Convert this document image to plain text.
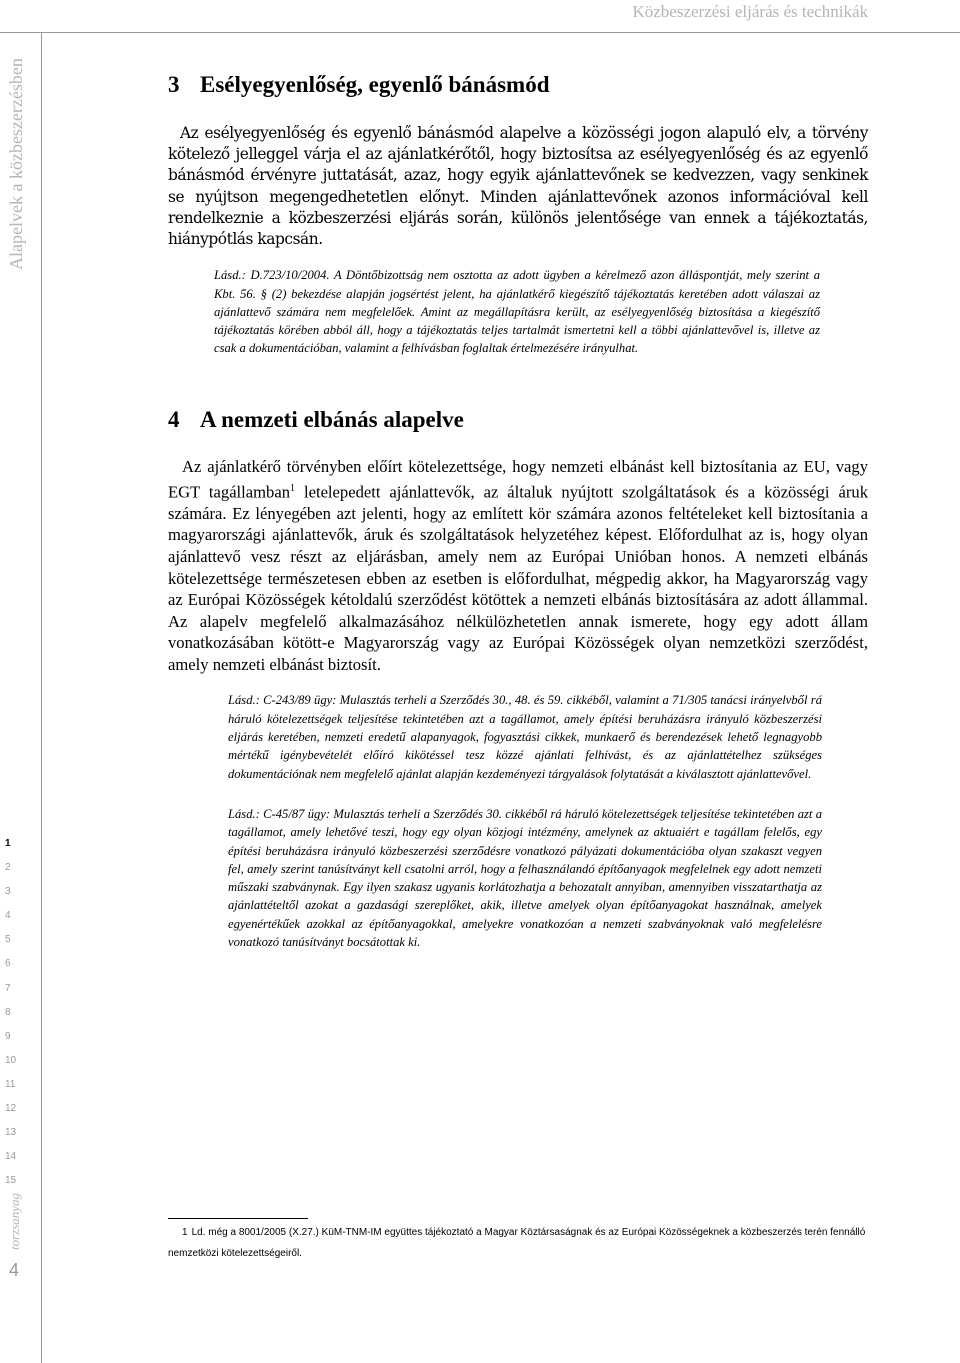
Közbeszerzési eljárás és technikák
Alapelvek a közbeszerzésben
1
2
3
4
5
6
7
8
9
10
11
12
13
14
15
torzsanyag
4
3 Esélyegyenlőség, egyenlő bánásmód

Az esélyegyenlőség és egyenlő bánásmód alapelve a közösségi jogon alapuló elv, a törvény kötelező jelleggel várja el az ajánlatkérőtől, hogy biztosítsa az esélyegyenlőség és az egyenlő bánásmód érvényre juttatását, azaz, hogy egyik ajánlattevőnek se kedvezzen, vagy senkinek se nyújtson megengedhetetlen előnyt. Minden ajánlattevőnek azonos információval kell rendelkeznie a közbeszerzési eljárás során, különös jelentősége van ennek a tájékoztatás, hiánypótlás kapcsán.

Lásd.: D.723/10/2004. A Döntőbizottság nem osztotta az adott ügyben a kérelmező azon álláspontját, mely szerint a Kbt. 56. § (2) bekezdése alapján jogsértést jelent, ha ajánlatkérő kiegészítő tájékoztatás keretében adott válaszai az ajánlattevő számára nem megfelelőek. Amint az megállapításra került, az esélyegyenlőség biztosítása a kiegészítő tájékoztatás körében abból áll, hogy a tájékoztatás teljes tartalmát ismertetni kell a többi ajánlattevővel is, illetve az csak a dokumentációban, valamint a felhívásban foglaltak értelmezésére irányulhat.

4 A nemzeti elbánás alapelve

Az ajánlatkérő törvényben előírt kötelezettsége, hogy nemzeti elbánást kell biztosítania az EU, vagy EGT tagállamban$^1$ letelepedett ajánlattevők, az általuk nyújtott szolgáltatások és a közösségi áruk számára. Ez lényegében azt jelenti, hogy az említett kör számára azonos feltételeket kell biztosítania a magyarországi ajánlattevők, áruk és szolgáltatások helyzetéhez képest. Előfordulhat az is, hogy olyan ajánlattevő vesz részt az eljárásban, amely nem az Európai Unióban honos. A nemzeti elbánás kötelezettsége természetesen ebben az esetben is előfordulhat, mégpedig akkor, ha Magyarország vagy az Európai Közösségek kétoldalú szerződést kötöttek a nemzeti elbánás biztosítására az adott állammal. Az alapelv megfelelő alkalmazásához nélkülözhetetlen annak ismerete, hogy egy adott állam vonatkozásában kötött-e Magyarország vagy az Európai Közösségek olyan nemzetközi szerződést, amely nemzeti elbánást biztosít.

Lásd.: C-243/89 ügy: Mulasztás terheli a Szerződés 30., 48. és 59. cikkéből, valamint a 71/305 tanácsi irányelvből rá háruló kötelezettségek teljesítése tekintetében azt a tagállamot, amely építési beruházásra irányuló közbeszerzési eljárás keretében, nemzeti eredetű alapanyagok, fogyasztási cikkek, munkaerő és berendezések lehető legnagyobb mértékű igénybevételét előíró kikötéssel tesz közzé ajánlati felhívást, és az ajánlattételhez szükséges dokumentációnak nem megfelelő ajánlat alapján kezdeményezi tárgyalások folytatását a kiválasztott ajánlattevővel.

Lásd.: C-45/87 ügy: Mulasztás terheli a Szerződés 30. cikkéből rá háruló kötelezettségek teljesítése tekintetében azt a tagállamot, amely lehetővé teszi, hogy egy olyan közjogi intézmény, amelynek az aktuaiért e tagállam felelős, egy építési beruházásra irányuló közbeszerzési szerződésre vonatkozó pályázati dokumentációba olyan szakaszt vegyen fel, amely szerint tanúsítványt kell csatolni arról, hogy a felhasználandó építőanyagok megfelelnek egy adott nemzeti műszaki szabványnak. Egy ilyen szakasz ugyanis korlátozhatja a behozatalt annyiban, amennyiben visszatarthatja az ajánlattételtől azokat a gazdasági szereplőket, akik, illetve amelyek olyan építőanyagokat használnak, amelyek egyenértékűek azokkal az építőanyagokkal, amelyekre vonatkozóan a nemzeti szabványoknak való megfelelésre vonatkozó tanúsítványt bocsátottak ki.

1 Ld. még a 8001/2005 (X.27.) KüM-TNM-IM együttes tájékoztató a Magyar Köztársaságnak és az Európai Közösségeknek a közbeszerzés terén fennálló nemzetközi kötelezettségeiről.
